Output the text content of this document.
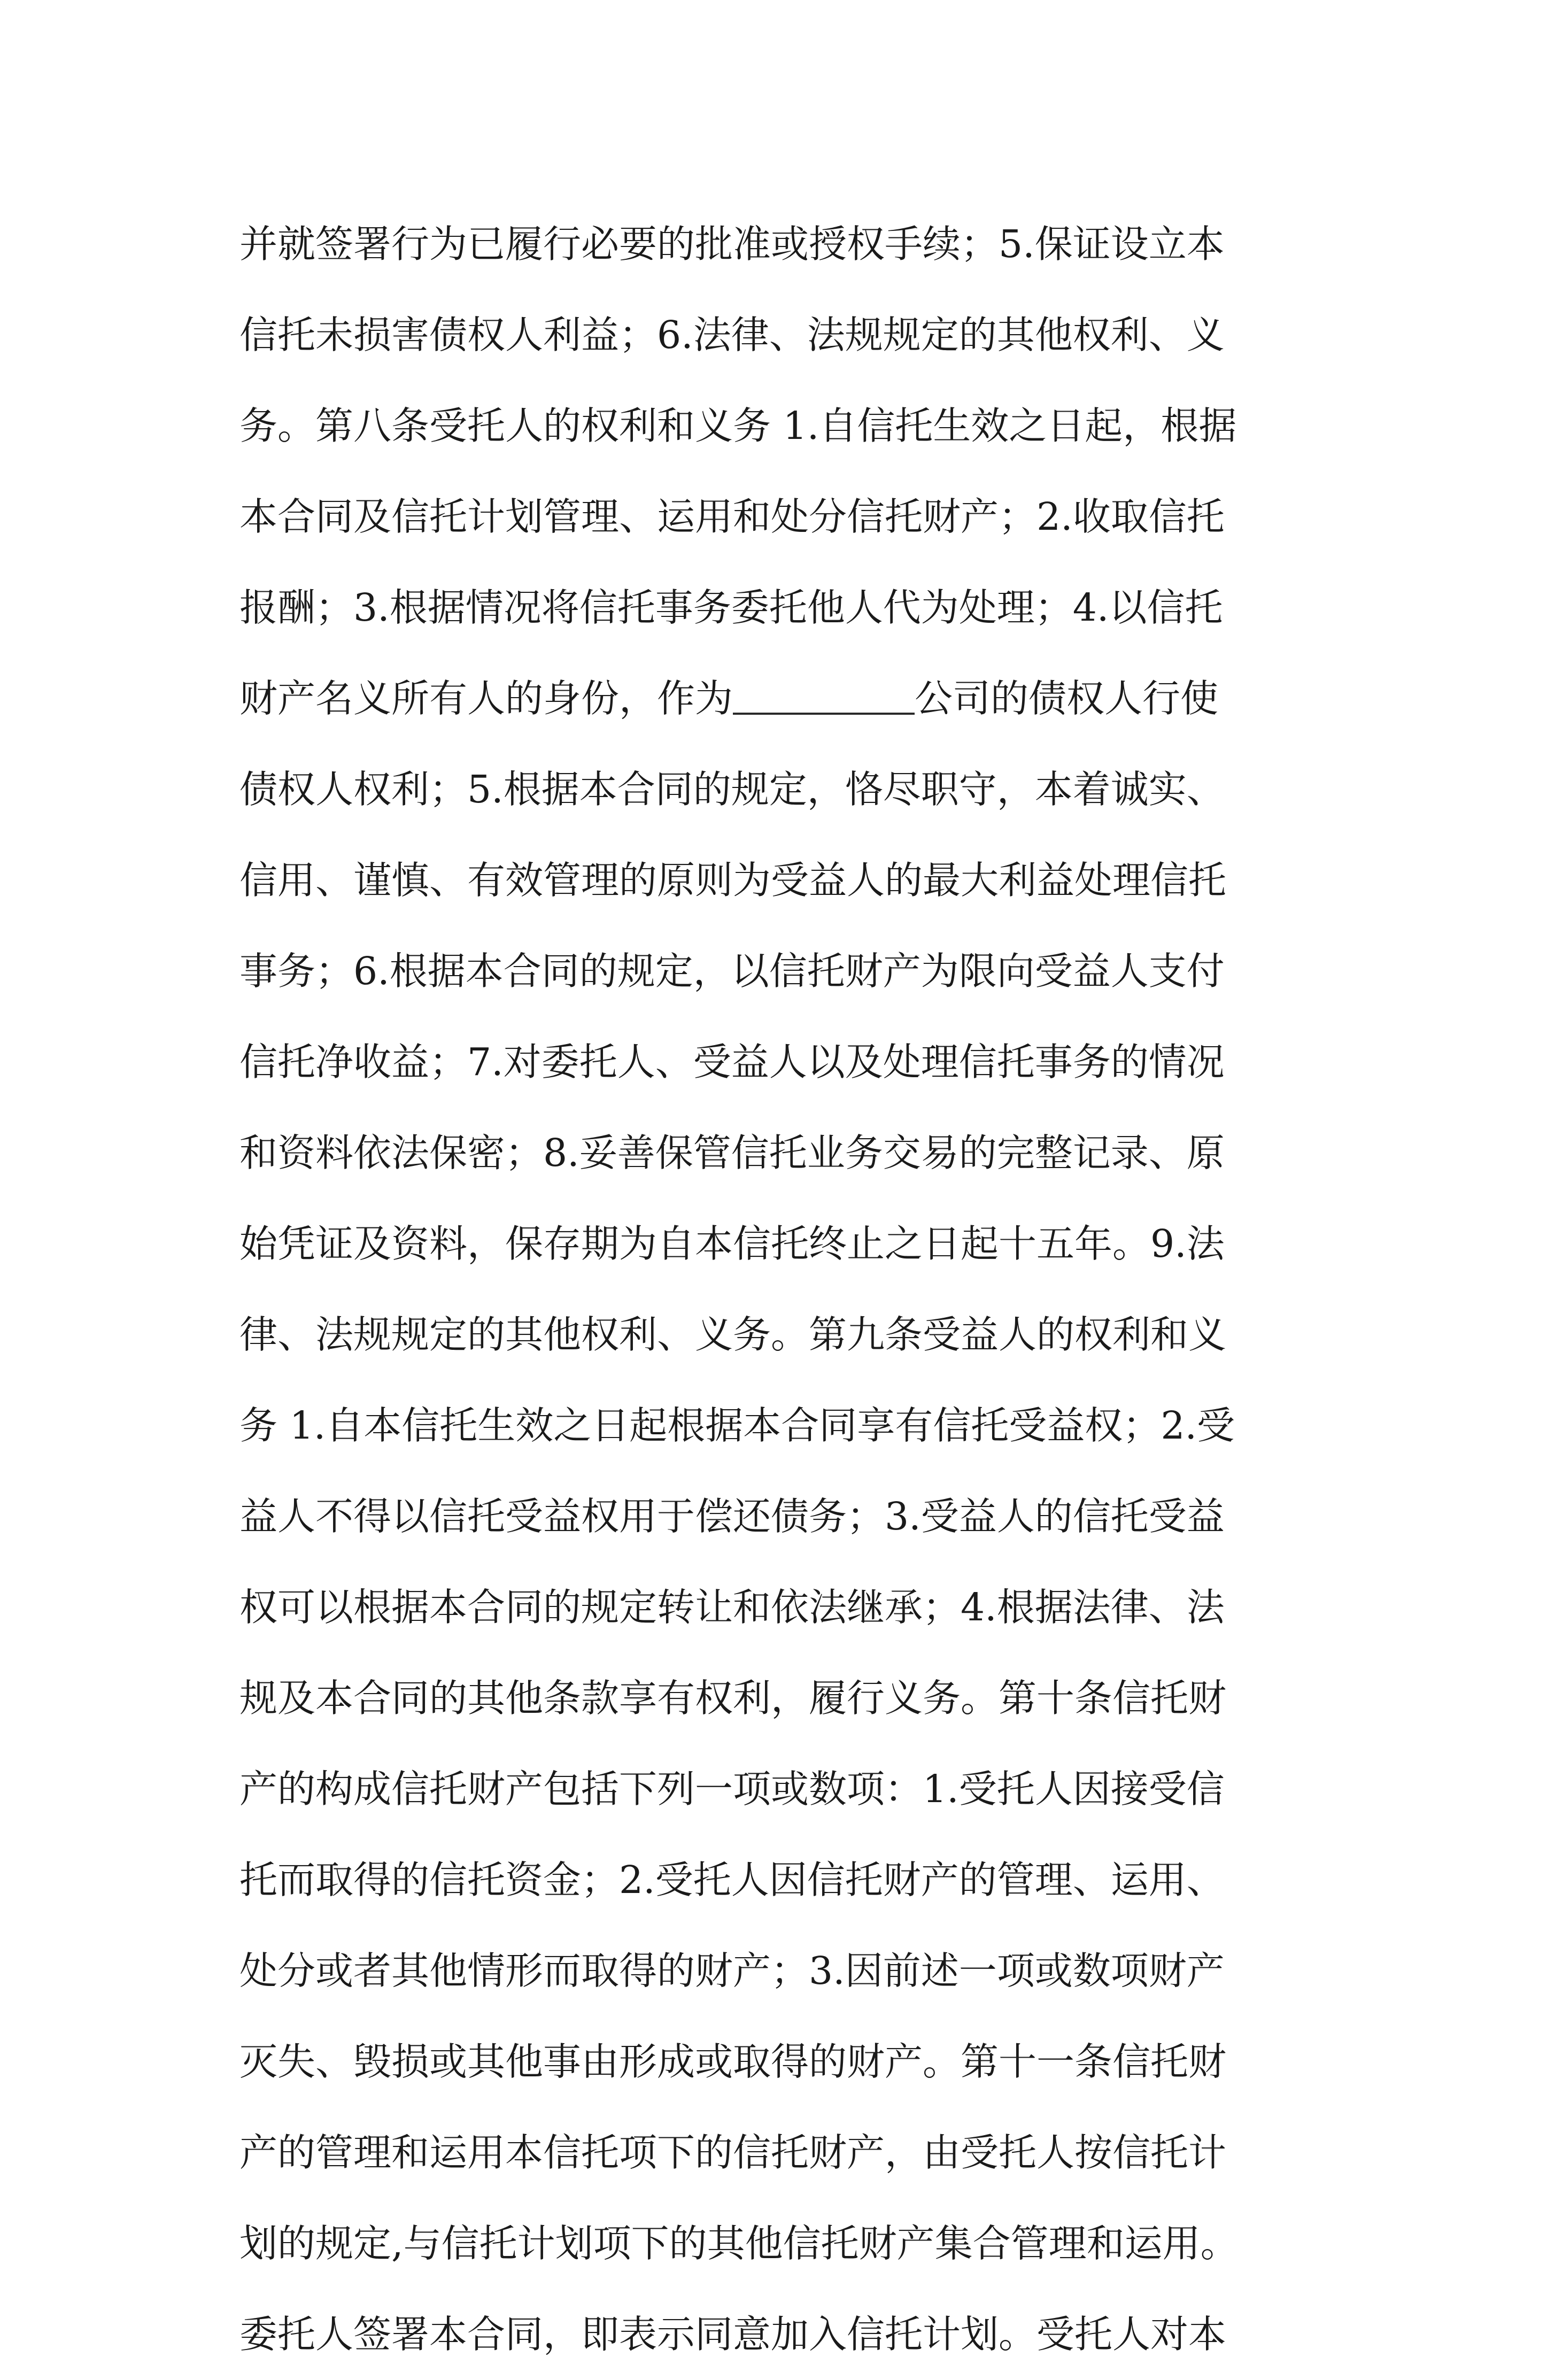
并就签署行为已履行必要的批准或授权手续；5.保证设立本
信托未损害债权人利益；6.法律、法规规定的其他权利、义
务。第八条受托人的权利和义务 1.自信托生效之日起，根据
本合同及信托计划管理、运用和处分信托财产；2.收取信托
报酬；3.根据情况将信托事务委托他人代为处理；4.以信托
财产名义所有人的身份，作为	公司的债权人行使
债权人权利；5.根据本合同的规定，恪尽职守，本着诚实、
信用、谨慎、有效管理的原则为受益人的最大利益处理信托
事务；6.根据本合同的规定，以信托财产为限向受益人支付
信托净收益；7.对委托人、受益人以及处理信托事务的情况
和资料依法保密；8.妥善保管信托业务交易的完整记录、原
始凭证及资料，保存期为自本信托终止之日起十五年。9.法
律、法规规定的其他权利、义务。第九条受益人的权利和义
务 1.自本信托生效之日起根据本合同享有信托受益权；2.受
益人不得以信托受益权用于偿还债务；3.受益人的信托受益
权可以根据本合同的规定转让和依法继承；4.根据法律、法
规及本合同的其他条款享有权利，履行义务。第十条信托财
产的构成信托财产包括下列一项或数项：1.受托人因接受信
托而取得的信托资金；2.受托人因信托财产的管理、运用、
处分或者其他情形而取得的财产；3.因前述一项或数项财产
灭失、毁损或其他事由形成或取得的财产。第十一条信托财
产的管理和运用本信托项下的信托财产，由受托人按信托计
划的规定,与信托计划项下的其他信托财产集合管理和运用。
委托人签署本合同，即表示同意加入信托计划。受托人对本
